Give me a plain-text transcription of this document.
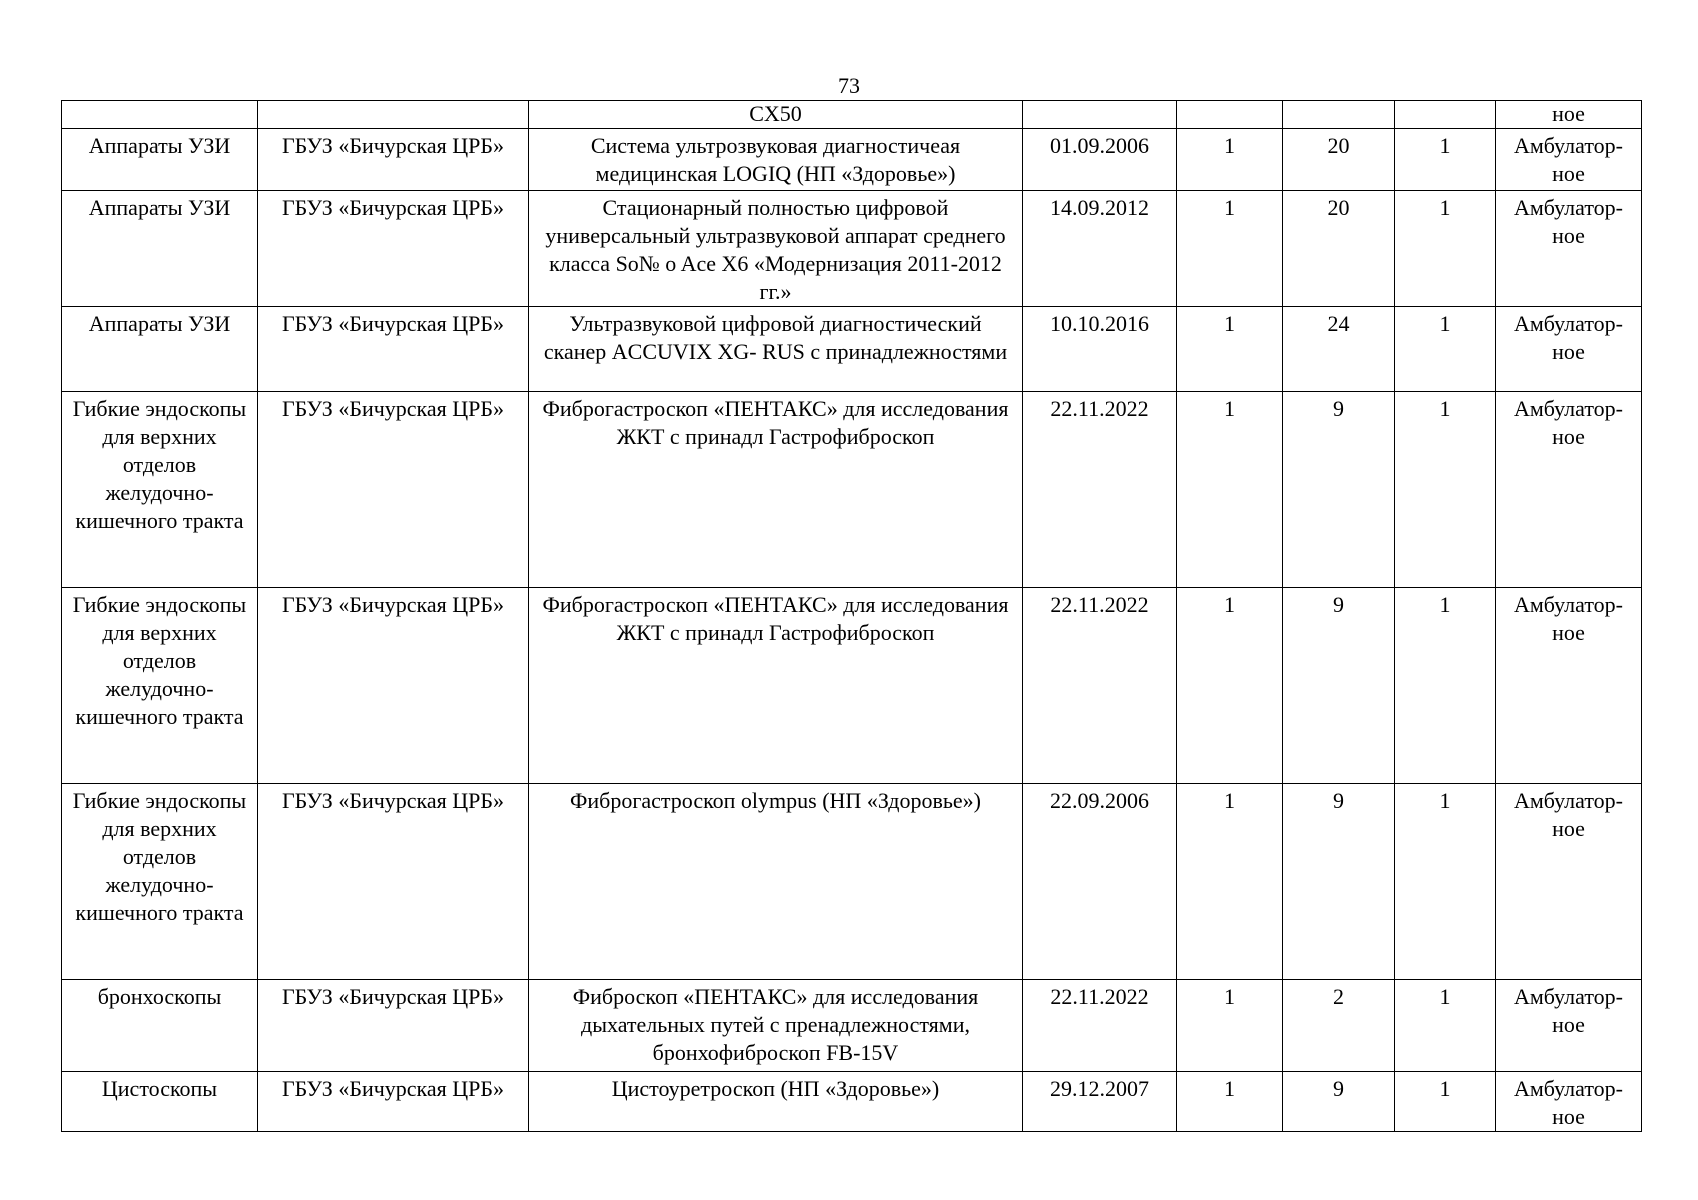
73
		CX50					ное

Аппараты УЗИ	ГБУЗ «Бичурская ЦРБ»	Система ультрозвуковая диагностичеая медицинская LOGIQ (НП «Здоровье»)	01.09.2006	1	20	1	Амбулатор-
ное

Аппараты УЗИ	ГБУЗ «Бичурская ЦРБ»	Стационарный полностью цифровой универсальный ультразвуковой аппарат среднего класса So№ o Ace X6 «Модернизация 2011-2012 гг.»	14.09.2012	1	20	1	Амбулатор-
ное

Аппараты УЗИ	ГБУЗ «Бичурская ЦРБ»	Ультразвуковой цифровой диагностический сканер ACCUVIX XG- RUS с принадлежностями	10.10.2016	1	24	1	Амбулатор-
ное

Гибкие эндоскопы для верхних отделов желудочно-кишечного тракта	ГБУЗ «Бичурская ЦРБ»	Фиброгастроскоп «ПЕНТАКС» для исследования ЖКТ с принадл Гастрофиброскоп	22.11.2022	1	9	1	Амбулатор-
ное

Гибкие эндоскопы для верхних отделов желудочно-кишечного тракта	ГБУЗ «Бичурская ЦРБ»	Фиброгастроскоп «ПЕНТАКС» для исследования ЖКТ с принадл Гастрофиброскоп	22.11.2022	1	9	1	Амбулатор-
ное

Гибкие эндоскопы для верхних отделов желудочно-кишечного тракта	ГБУЗ «Бичурская ЦРБ»	Фиброгастроскоп olympus (НП «Здоровье»)	22.09.2006	1	9	1	Амбулатор-
ное

бронхоскопы	ГБУЗ «Бичурская ЦРБ»	Фиброскоп «ПЕНТАКС» для исследования дыхательных путей с пренадлежностями, бронхофиброскоп FB-15V	22.11.2022	1	2	1	Амбулатор-
ное

Цистоскопы	ГБУЗ «Бичурская ЦРБ»	Цистоуретроскоп (НП «Здоровье»)	29.12.2007	1	9	1	Амбулатор-
ное
